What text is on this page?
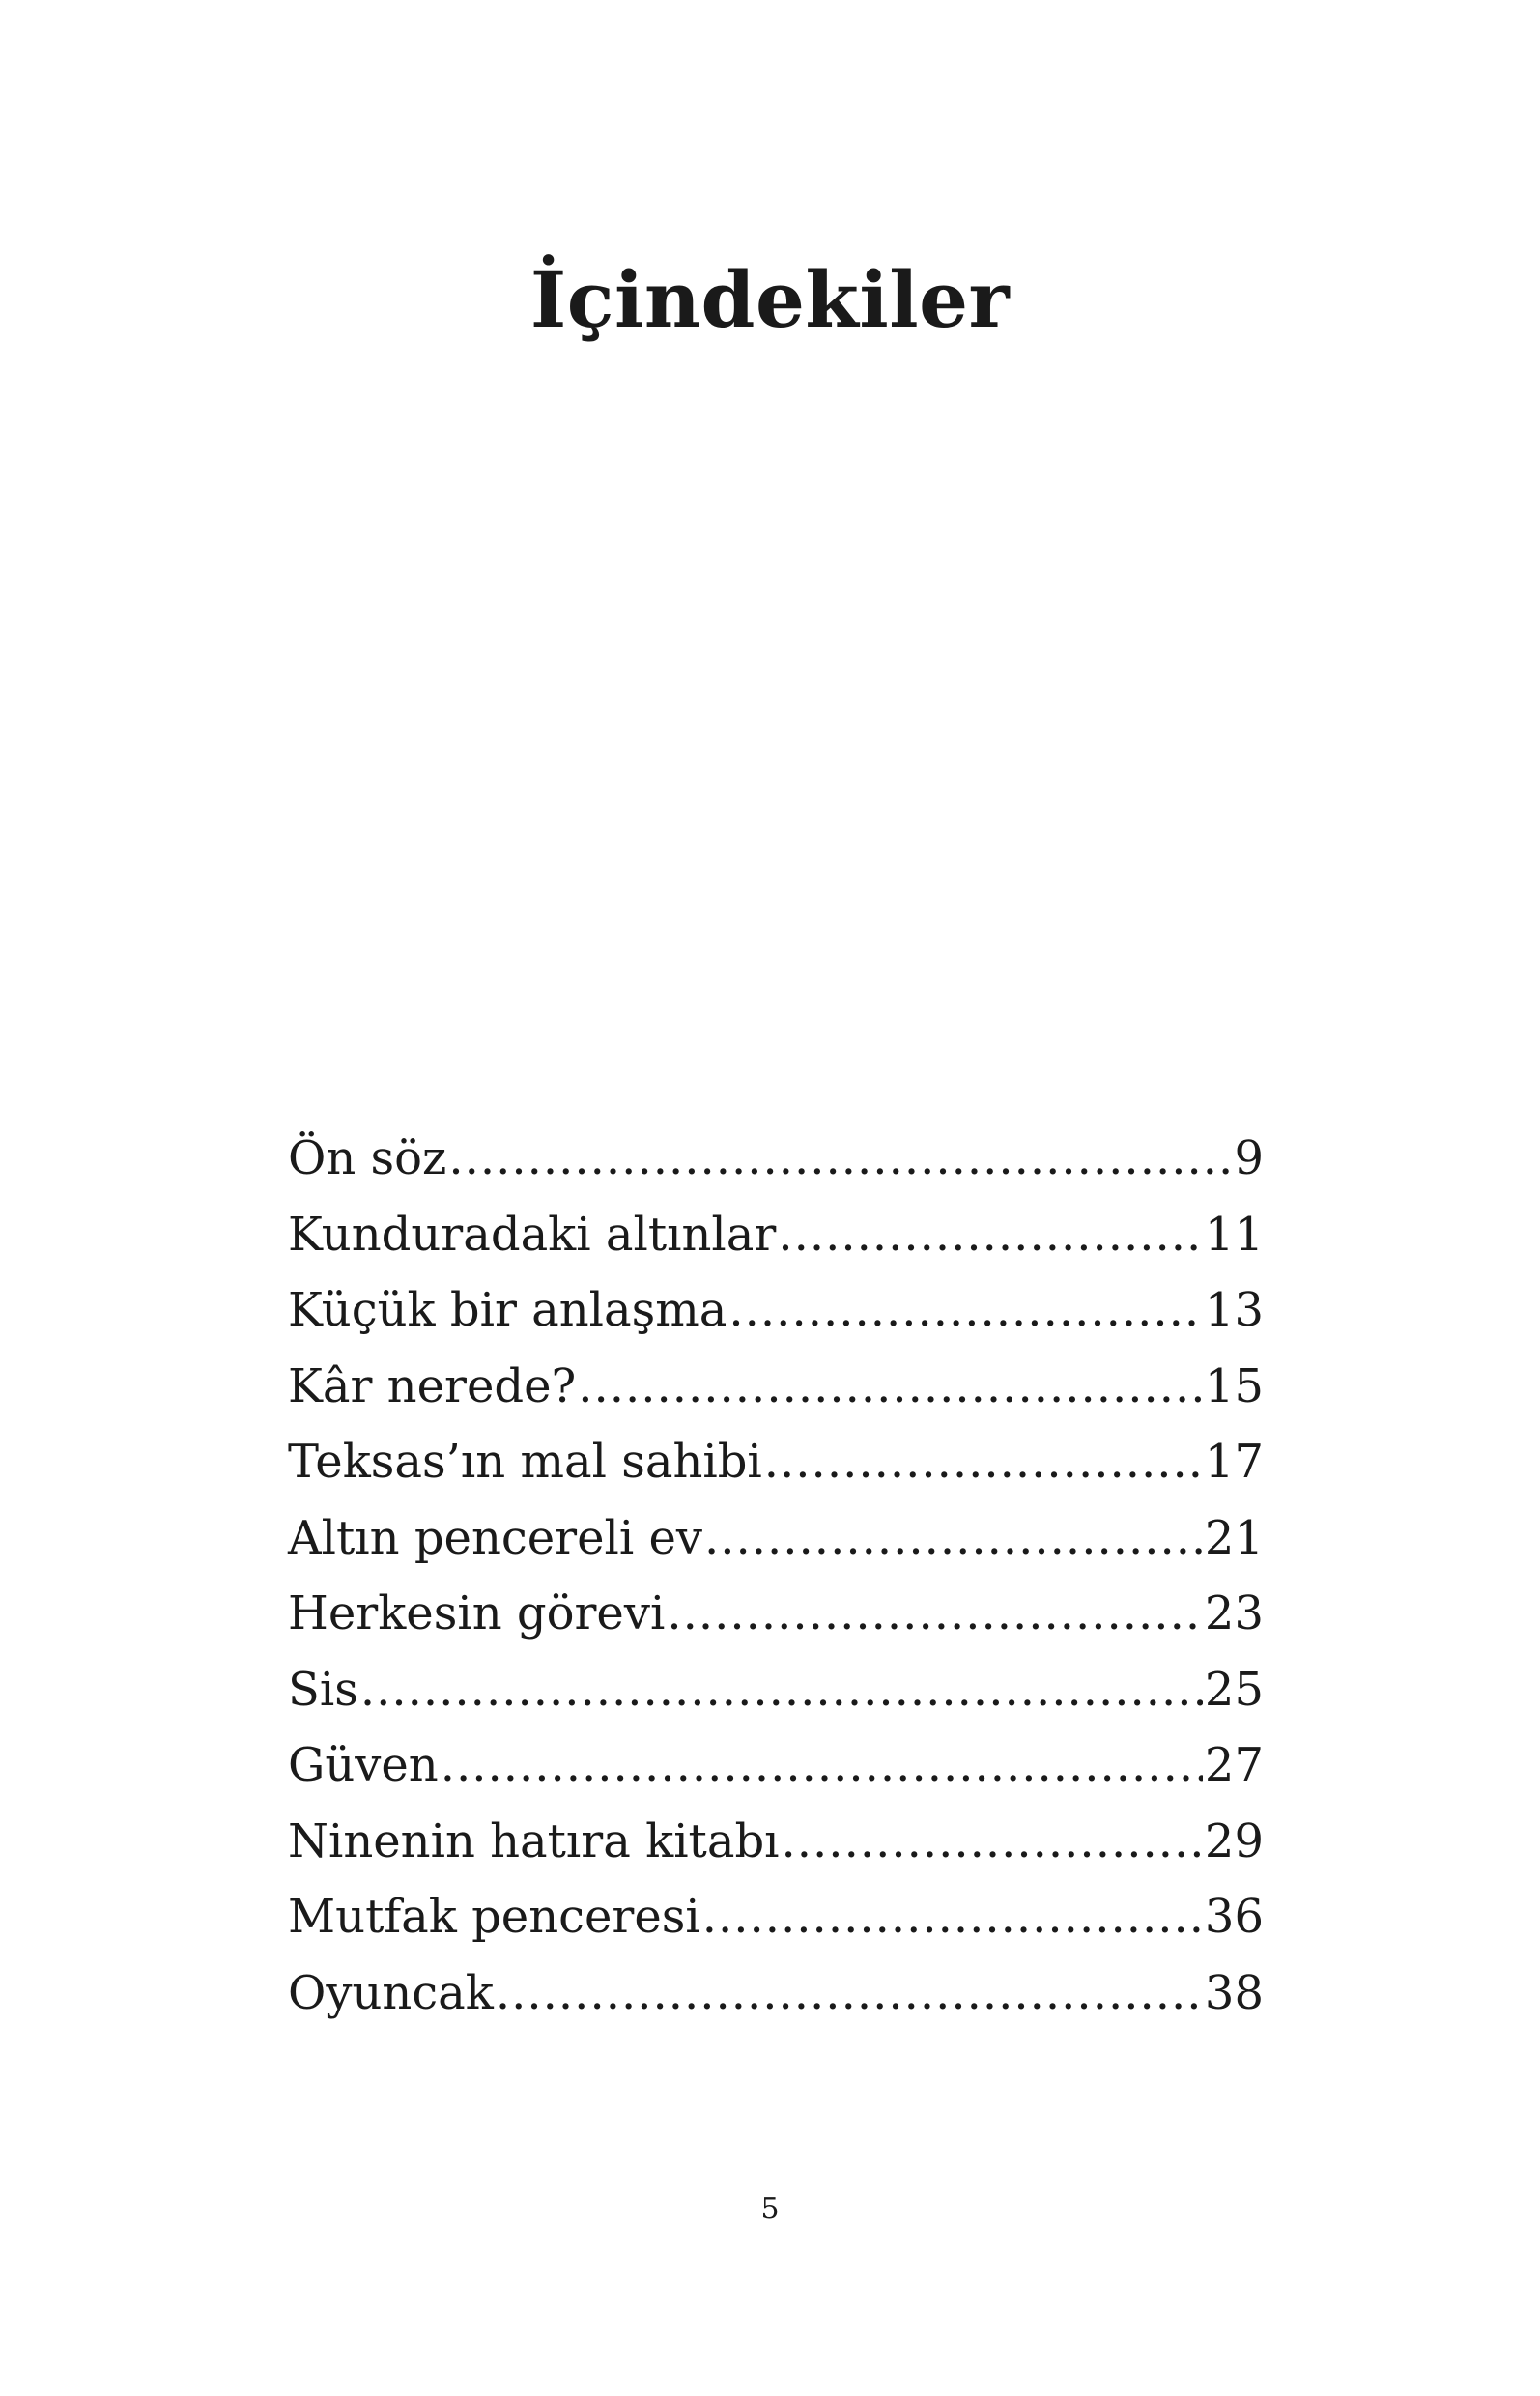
İçindekiler
Ön söz .....	9
Kunduradaki altınlar .....	11
Küçük bir anlaşma .....	13
Kâr nerede? .....	15
Teksas’ın mal sahibi .....	17
Altın pencereli ev .....	21
Herkesin görevi .....	23
Sis .....	25
Güven .....	27
Ninenin hatıra kitabı .....	29
Mutfak penceresi .....	36
Oyuncak .....	38
5
